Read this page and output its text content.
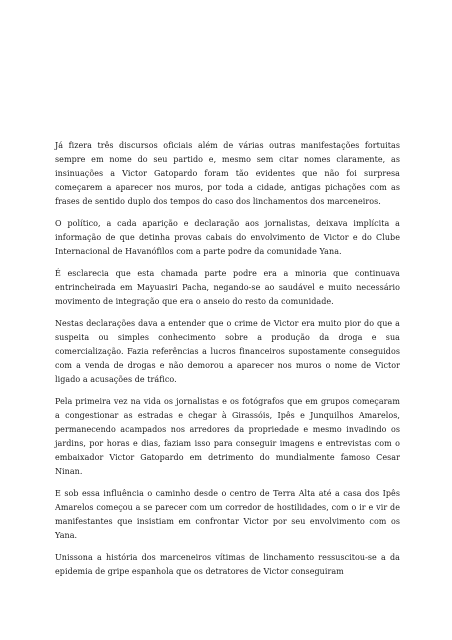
Já fizera três discursos oficiais além de várias outras manifestações fortuitas sempre em nome do seu partido e, mesmo sem citar nomes claramente, as insinuações a Victor Gatopardo foram tão evidentes que não foi surpresa começarem a aparecer nos muros, por toda a cidade, antigas pichações com as frases de sentido duplo dos tempos do caso dos linchamentos dos marceneiros.

O político, a cada aparição e declaração aos jornalistas, deixava implícita a informação de que detinha provas cabais do envolvimento de Victor e do Clube Internacional de Havanófilos com a parte podre da comunidade Yana.

É esclarecia que esta chamada parte podre era a minoria que continuava entrincheirada em Mayuasiri Pacha, negando-se ao saudável e muito necessário movimento de integração que era o anseio do resto da comunidade.

Nestas declarações dava a entender que o crime de Victor era muito pior do que a suspeita ou simples conhecimento sobre a produção da droga e sua comercialização. Fazia referências a lucros financeiros supostamente conseguidos com a venda de drogas e não demorou a aparecer nos muros o nome de Victor ligado a acusações de tráfico.

Pela primeira vez na vida os jornalistas e os fotógrafos que em grupos começaram a congestionar as estradas e chegar à Girassóis, Ipês e Junquilhos Amarelos, permanecendo acampados nos arredores da propriedade e mesmo invadindo os jardins, por horas e dias, faziam isso para conseguir imagens e entrevistas com o embaixador Victor Gatopardo em detrimento do mundialmente famoso Cesar Ninan.

E sob essa influência o caminho desde o centro de Terra Alta até a casa dos Ipês Amarelos começou a se parecer com um corredor de hostilidades, com o ir e vir de manifestantes que insistiam em confrontar Victor por seu envolvimento com os Yana.

Unissona a história dos marceneiros vítimas de linchamento ressuscitou-se a da epidemia de gripe espanhola que os detratores de Victor conseguiram
